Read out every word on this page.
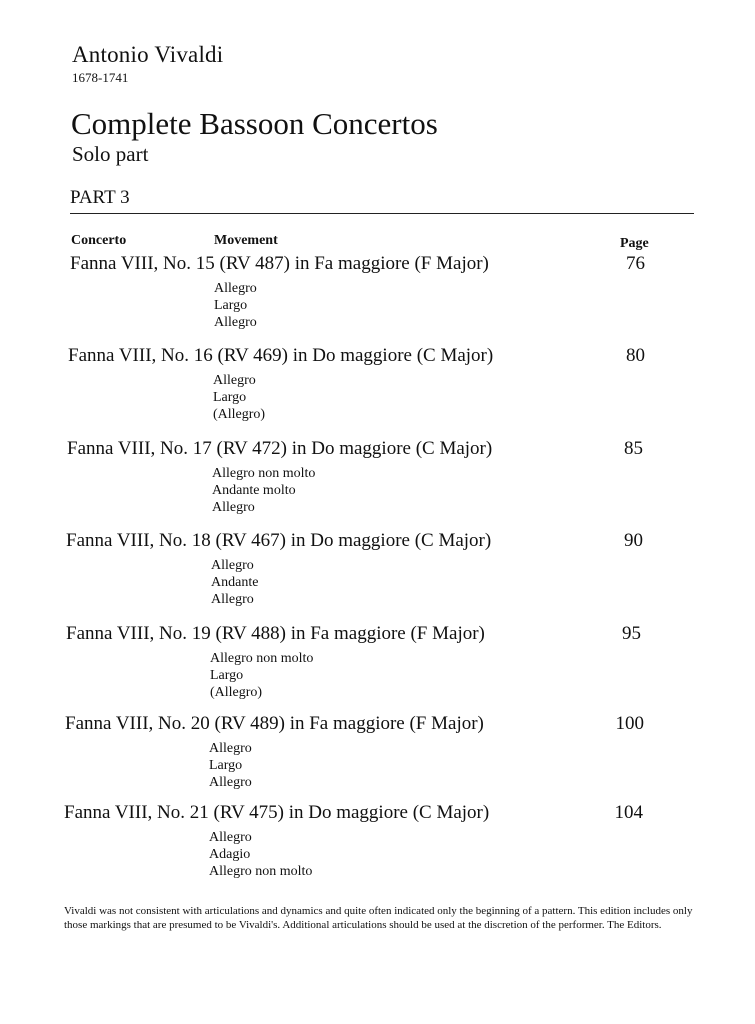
Antonio Vivaldi
1678-1741
Complete Bassoon Concertos
Solo part
PART 3
Concerto	Movement	Page
Fanna VIII, No. 15 (RV 487) in Fa maggiore (F Major)	76
Allegro
Largo
Allegro
Fanna VIII, No. 16 (RV 469) in Do maggiore (C Major)	80
Allegro
Largo
(Allegro)
Fanna VIII, No. 17 (RV 472) in Do maggiore (C Major)	85
Allegro non molto
Andante molto
Allegro
Fanna VIII, No. 18 (RV 467) in Do maggiore (C Major)	90
Allegro
Andante
Allegro
Fanna VIII, No. 19 (RV 488) in Fa maggiore (F Major)	95
Allegro non molto
Largo
(Allegro)
Fanna VIII, No. 20 (RV 489) in Fa maggiore (F Major)	100
Allegro
Largo
Allegro
Fanna VIII, No. 21 (RV 475) in Do maggiore (C Major)	104
Allegro
Adagio
Allegro non molto
Vivaldi was not consistent with articulations and dynamics and quite often indicated only the beginning of a pattern. This edition includes only
those markings that are presumed to be Vivaldi's. Additional articulations should be used at the discretion of the performer. The Editors.
